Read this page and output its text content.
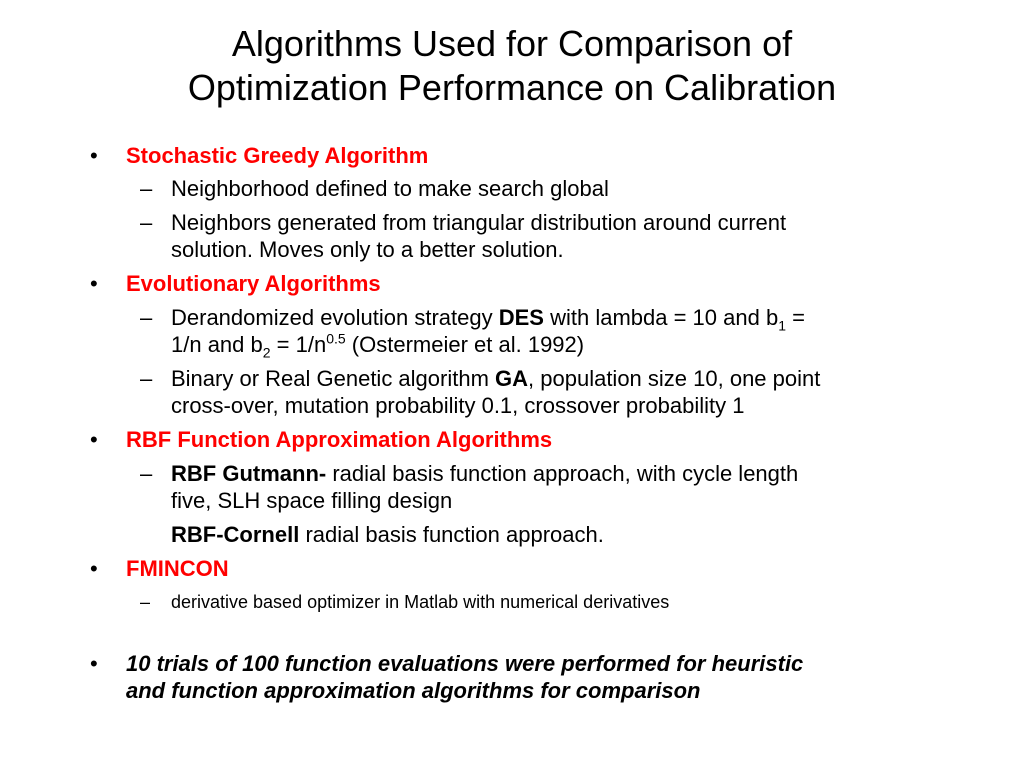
Algorithms Used for Comparison of
Optimization Performance on Calibration
• Stochastic Greedy Algorithm
– Neighborhood defined to make search global
– Neighbors generated from triangular distribution around current
solution. Moves only to a better solution.
• Evolutionary Algorithms
– Derandomized evolution strategy DES with lambda = 10 and $b_1$ =
1/n and $b_2 = 1/n^{0.5}$ (Ostermeier et al. 1992)
– Binary or Real Genetic algorithm GA, population size 10, one point
cross-over, mutation probability 0.1, crossover probability 1
• RBF Function Approximation Algorithms
– RBF Gutmann- radial basis function approach, with cycle length
five, SLH space filling design
RBF-Cornell radial basis function approach.
• FMINCON
– derivative based optimizer in Matlab with numerical derivatives
• 10 trials of 100 function evaluations were performed for heuristic
and function approximation algorithms for comparison
